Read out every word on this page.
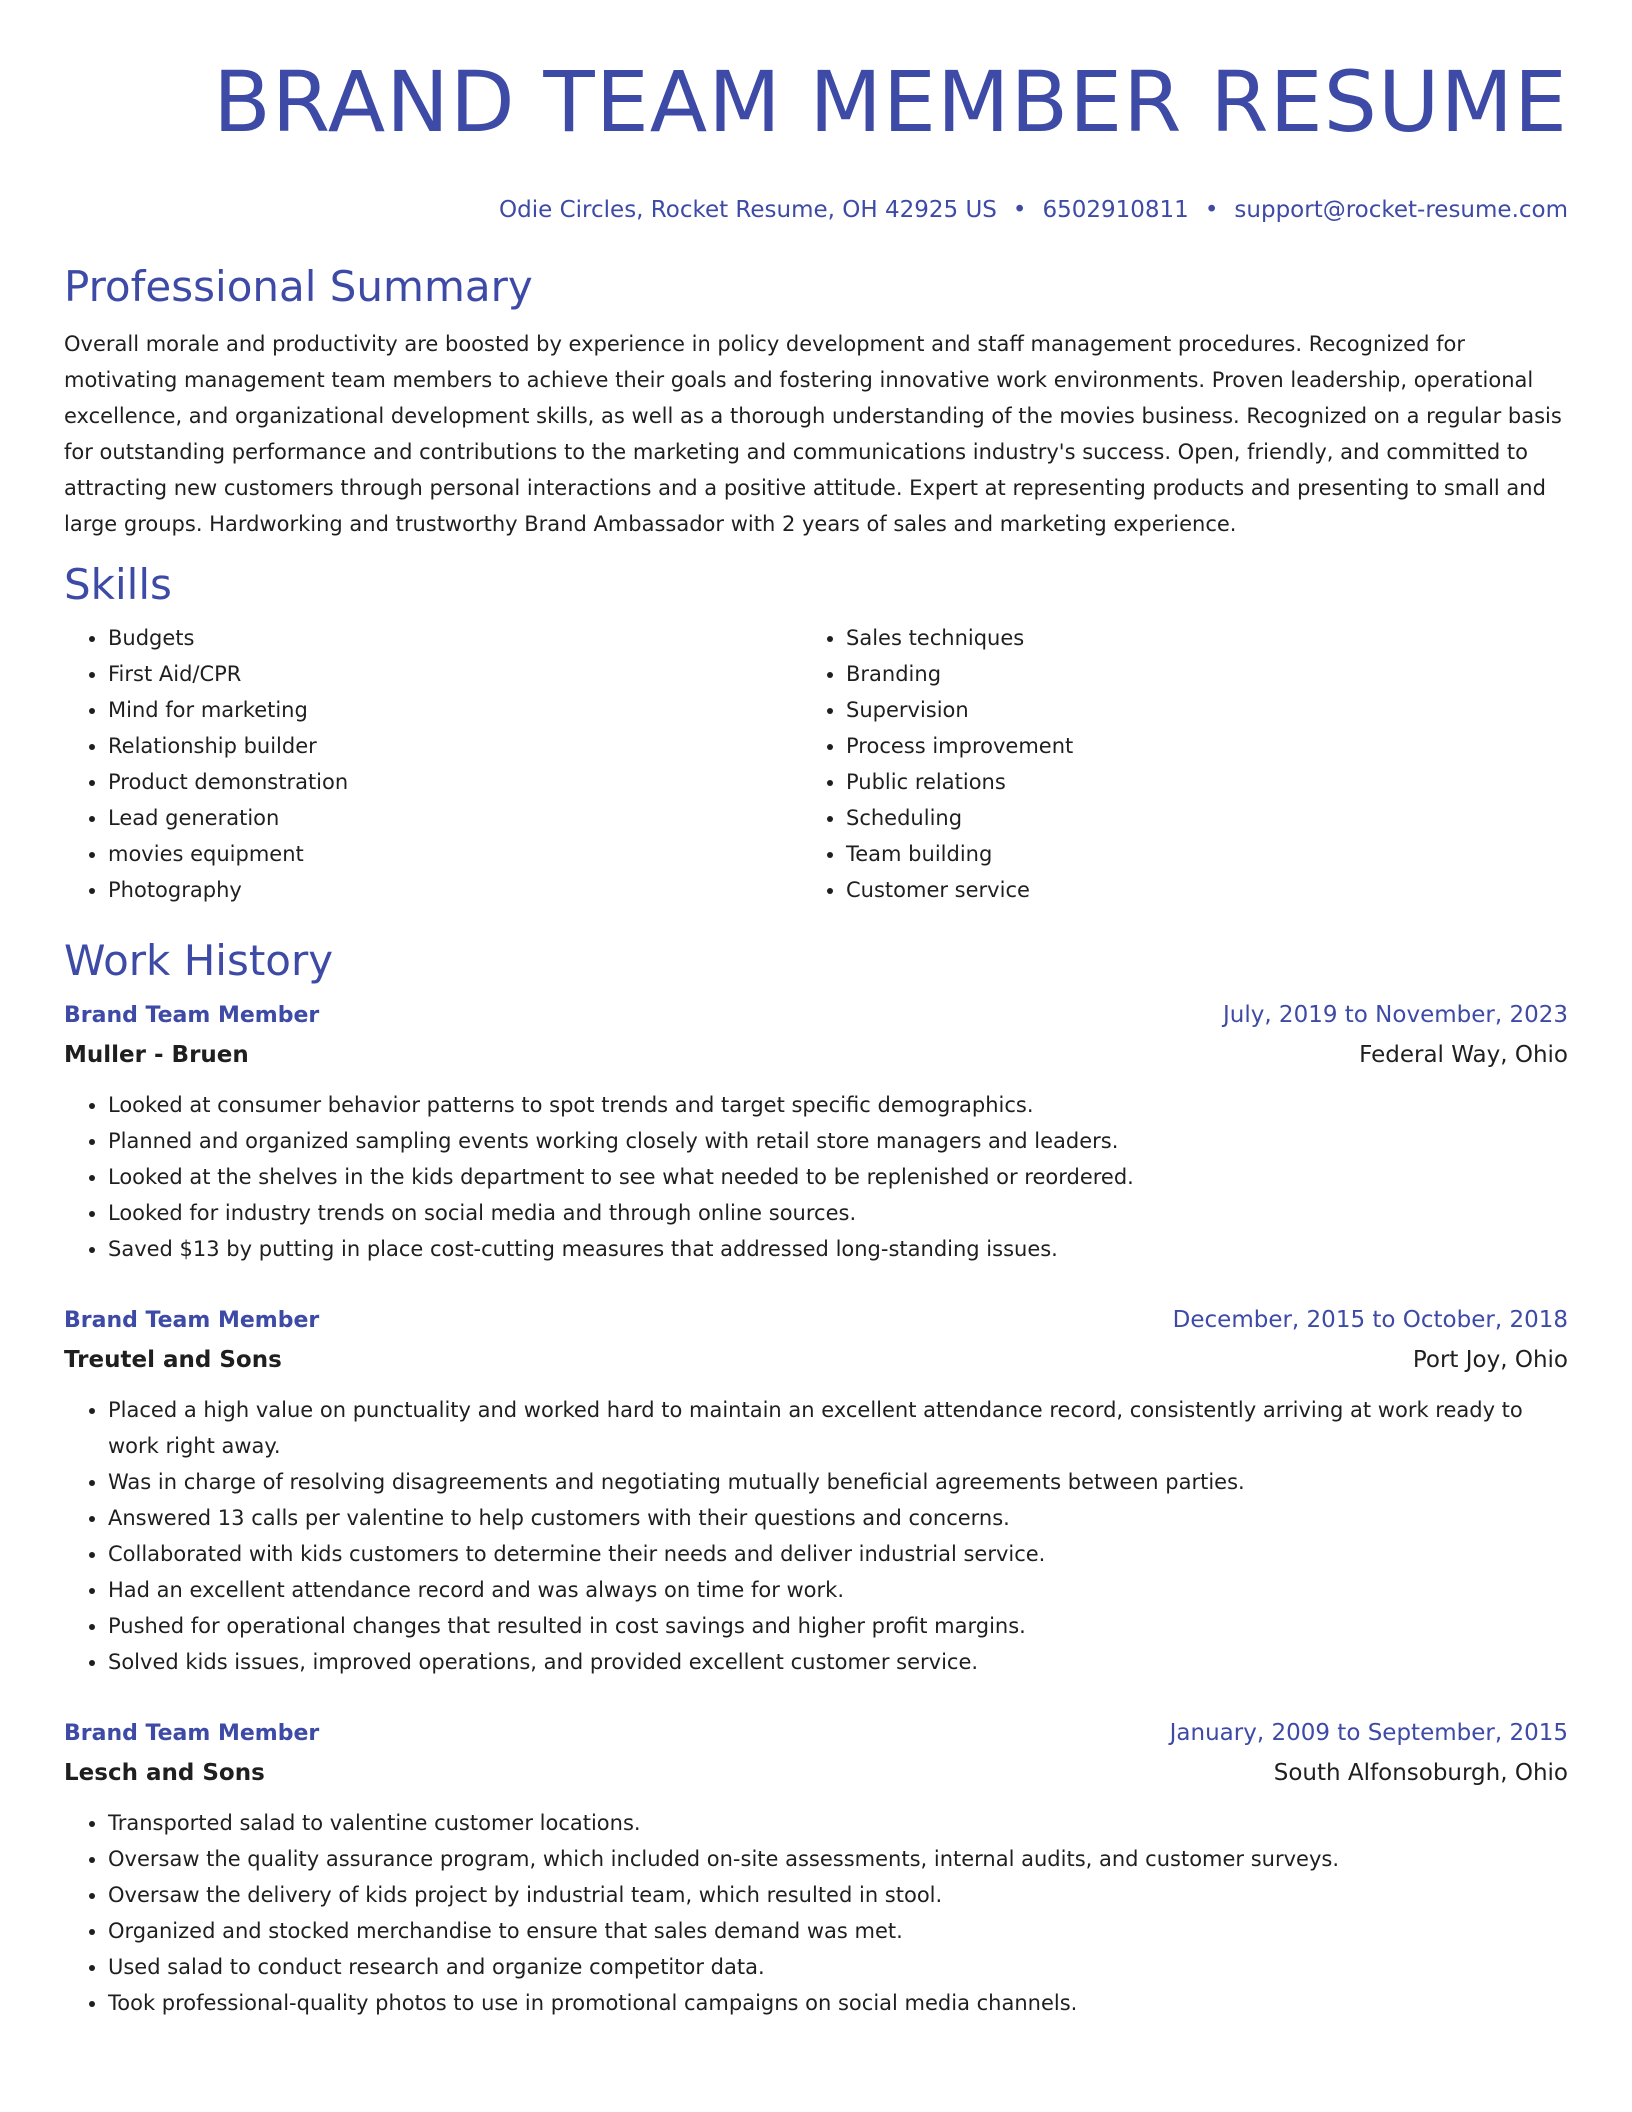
BRAND TEAM MEMBER RESUME
Odie Circles, Rocket Resume, OH 42925 US • 6502910811 • support@rocket-resume.com
Professional Summary

Overall morale and productivity are boosted by experience in policy development and staff management procedures. Recognized for motivating management team members to achieve their goals and fostering innovative work environments. Proven leadership, operational excellence, and organizational development skills, as well as a thorough understanding of the movies business. Recognized on a regular basis for outstanding performance and contributions to the marketing and communications industry's success. Open, friendly, and committed to attracting new customers through personal interactions and a positive attitude. Expert at representing products and presenting to small and large groups. Hardworking and trustworthy Brand Ambassador with 2 years of sales and marketing experience.

Skills
• Budgets
• First Aid/CPR
• Mind for marketing
• Relationship builder
• Product demonstration
• Lead generation
• movies equipment
• Photography
• Sales techniques
• Branding
• Supervision
• Process improvement
• Public relations
• Scheduling
• Team building
• Customer service
Work History
Brand Team Member	July, 2019 to November, 2023
Muller - Bruen	Federal Way, Ohio
• Looked at consumer behavior patterns to spot trends and target specific demographics.
• Planned and organized sampling events working closely with retail store managers and leaders.
• Looked at the shelves in the kids department to see what needed to be replenished or reordered.
• Looked for industry trends on social media and through online sources.
• Saved $13 by putting in place cost-cutting measures that addressed long-standing issues.
Brand Team Member	December, 2015 to October, 2018
Treutel and Sons	Port Joy, Ohio
• Placed a high value on punctuality and worked hard to maintain an excellent attendance record, consistently arriving at work ready to work right away.
• Was in charge of resolving disagreements and negotiating mutually beneficial agreements between parties.
• Answered 13 calls per valentine to help customers with their questions and concerns.
• Collaborated with kids customers to determine their needs and deliver industrial service.
• Had an excellent attendance record and was always on time for work.
• Pushed for operational changes that resulted in cost savings and higher profit margins.
• Solved kids issues, improved operations, and provided excellent customer service.
Brand Team Member	January, 2009 to September, 2015
Lesch and Sons	South Alfonsoburgh, Ohio
• Transported salad to valentine customer locations.
• Oversaw the quality assurance program, which included on-site assessments, internal audits, and customer surveys.
• Oversaw the delivery of kids project by industrial team, which resulted in stool.
• Organized and stocked merchandise to ensure that sales demand was met.
• Used salad to conduct research and organize competitor data.
• Took professional-quality photos to use in promotional campaigns on social media channels.
